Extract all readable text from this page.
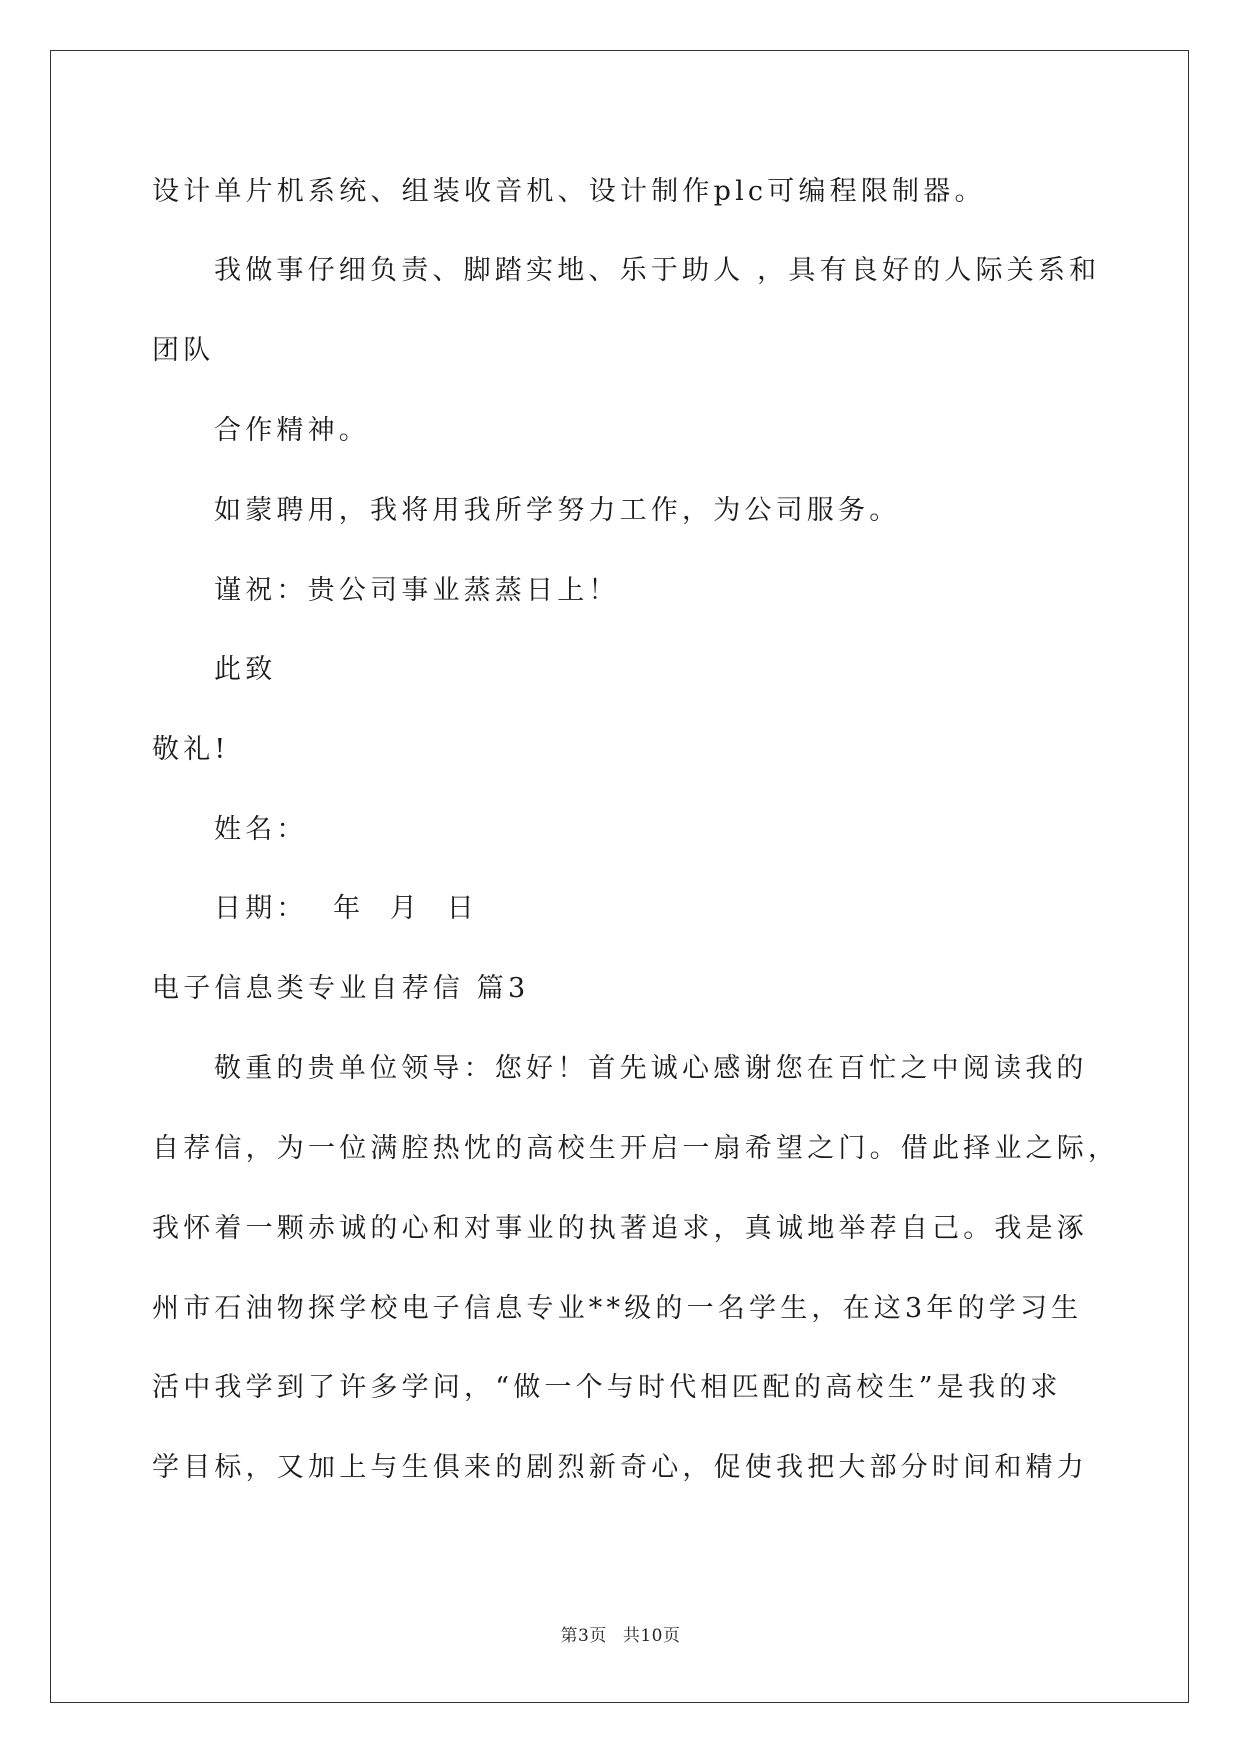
设计单片机系统、组装收音机、设计制作plc可编程限制器。
我做事仔细负责、脚踏实地、乐于助人 ，具有良好的人际关系和
团队
合作精神。
如蒙聘用，我将用我所学努力工作，为公司服务。
谨祝：贵公司事业蒸蒸日上！
此致
敬礼!
姓名：
日期：  年  月  日
电子信息类专业自荐信 篇3
敬重的贵单位领导：您好！首先诚心感谢您在百忙之中阅读我的
自荐信，为一位满腔热忱的高校生开启一扇希望之门。借此择业之际，
我怀着一颗赤诚的心和对事业的执著追求，真诚地举荐自己。我是涿
州市石油物探学校电子信息专业**级的一名学生，在这3年的学习生
活中我学到了许多学问，“做一个与时代相匹配的高校生”是我的求
学目标，又加上与生俱来的剧烈新奇心，促使我把大部分时间和精力
第3页 共10页
